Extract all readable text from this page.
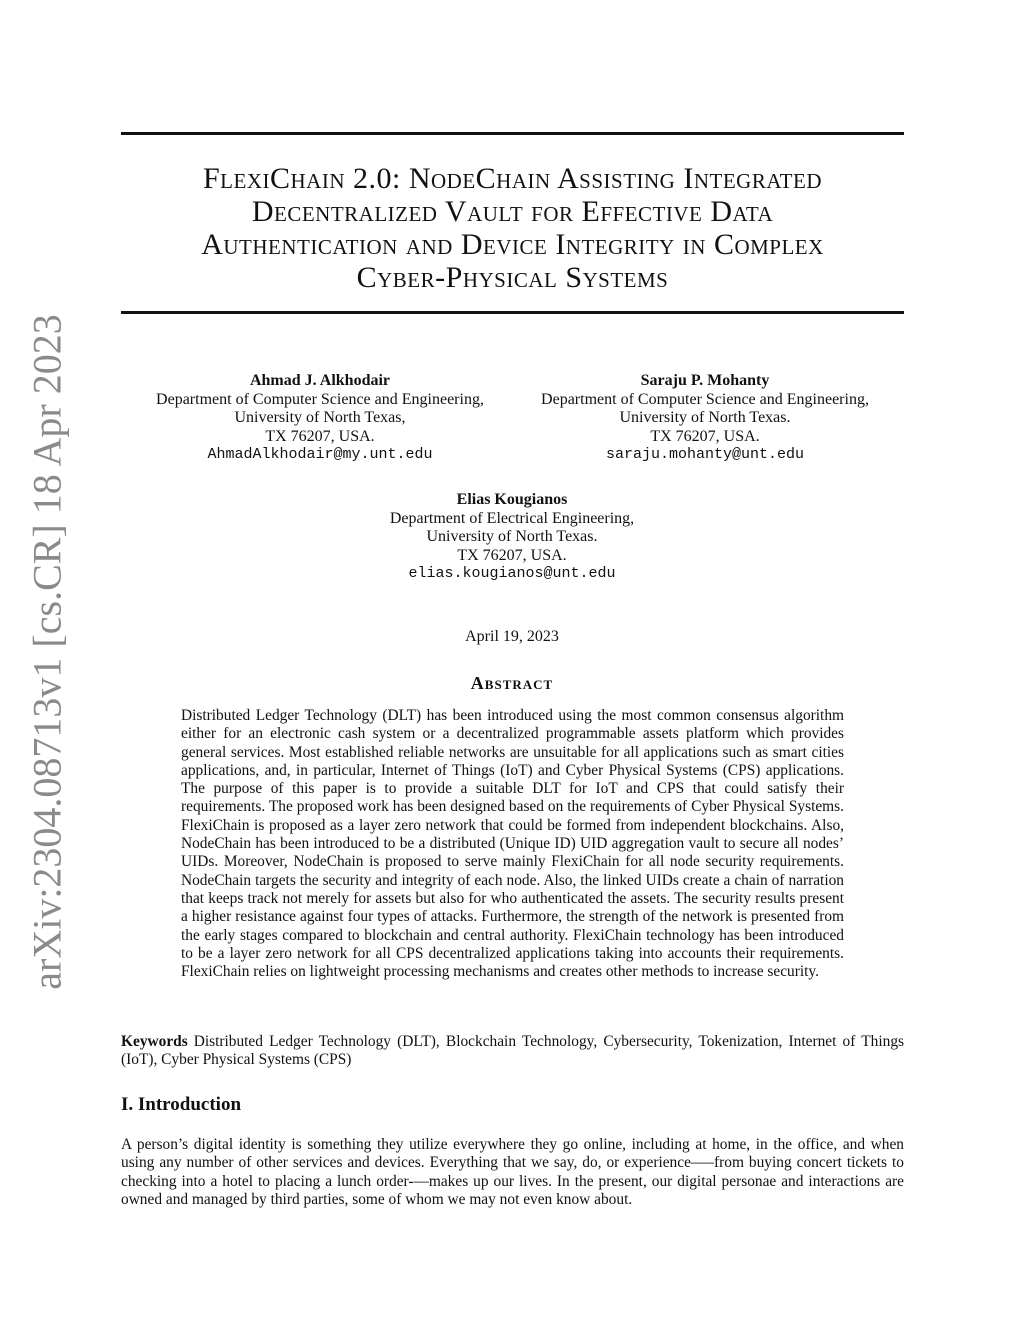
arXiv:2304.08713v1 [cs.CR] 18 Apr 2023
FlexiChain 2.0: NodeChain Assisting Integrated
Decentralized Vault for Effective Data
Authentication and Device Integrity in Complex
Cyber-Physical Systems
Ahmad J. Alkhodair
Department of Computer Science and Engineering,
University of North Texas,
TX 76207, USA.
AhmadAlkhodair@my.unt.edu
Saraju P. Mohanty
Department of Computer Science and Engineering,
University of North Texas.
TX 76207, USA.
saraju.mohanty@unt.edu
Elias Kougianos
Department of Electrical Engineering,
University of North Texas.
TX 76207, USA.
elias.kougianos@unt.edu
April 19, 2023
Abstract

Distributed Ledger Technology (DLT) has been introduced using the most common consensus algorithm either for an electronic cash system or a decentralized programmable assets platform which provides general services. Most established reliable networks are unsuitable for all applications such as smart cities applications, and, in particular, Internet of Things (IoT) and Cyber Physical Systems (CPS) applications. The purpose of this paper is to provide a suitable DLT for IoT and CPS that could satisfy their requirements. The proposed work has been designed based on the requirements of Cyber Physical Systems. FlexiChain is proposed as a layer zero network that could be formed from independent blockchains. Also, NodeChain has been introduced to be a distributed (Unique ID) UID aggregation vault to secure all nodes’ UIDs. Moreover, NodeChain is proposed to serve mainly FlexiChain for all node security requirements. NodeChain targets the security and integrity of each node. Also, the linked UIDs create a chain of narration that keeps track not merely for assets but also for who authenticated the assets. The security results present a higher resistance against four types of attacks. Furthermore, the strength of the network is presented from the early stages compared to blockchain and central authority. FlexiChain technology has been introduced to be a layer zero network for all CPS decentralized applications taking into accounts their requirements. FlexiChain relies on lightweight processing mechanisms and creates other methods to increase security.

Keywords Distributed Ledger Technology (DLT), Blockchain Technology, Cybersecurity, Tokenization, Internet of Things (IoT), Cyber Physical Systems (CPS)

I. Introduction

A person’s digital identity is something they utilize everywhere they go online, including at home, in the office, and when using any number of other services and devices. Everything that we say, do, or experience—–from buying concert tickets to checking into a hotel to placing a lunch order-—makes up our lives. In the present, our digital personae and interactions are owned and managed by third parties, some of whom we may not even know about.
